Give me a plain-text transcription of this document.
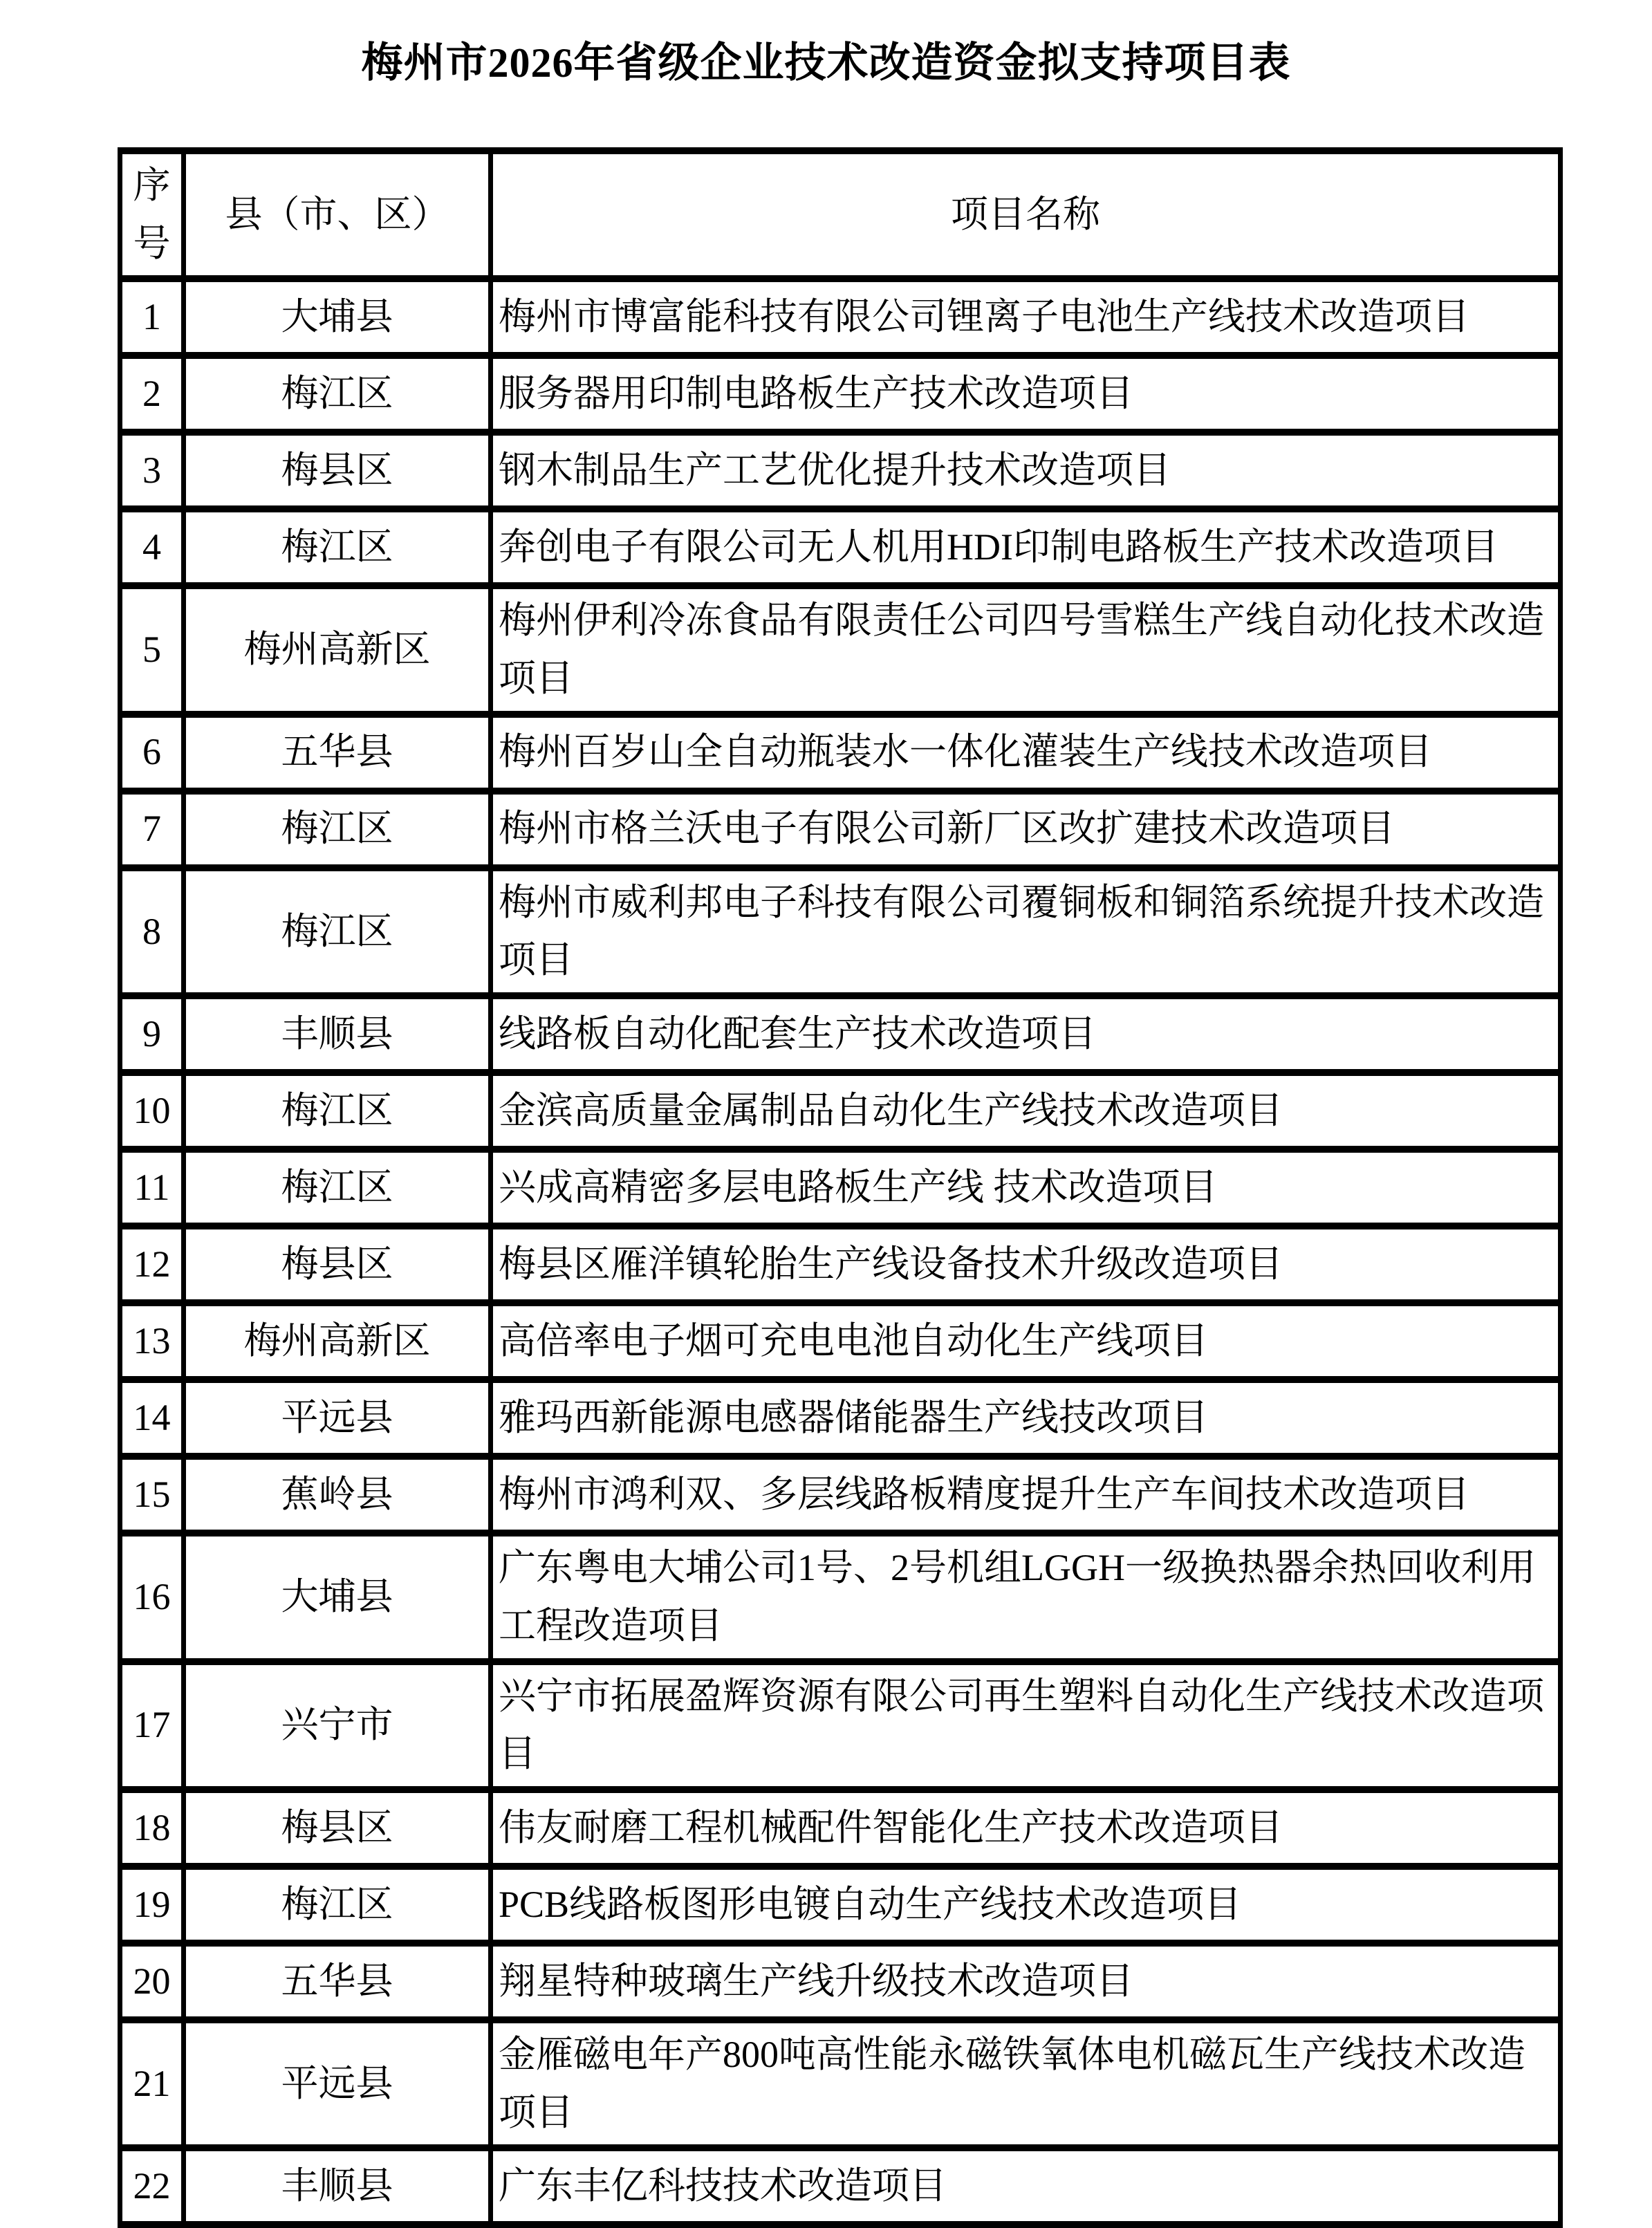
梅州市2026年省级企业技术改造资金拟支持项目表
序号	县（市、区）	项目名称
1	大埔县	梅州市博富能科技有限公司锂离子电池生产线技术改造项目
2	梅江区	服务器用印制电路板生产技术改造项目
3	梅县区	钢木制品生产工艺优化提升技术改造项目
4	梅江区	奔创电子有限公司无人机用HDI印制电路板生产技术改造项目
5	梅州高新区	梅州伊利冷冻食品有限责任公司四号雪糕生产线自动化技术改造项目
6	五华县	梅州百岁山全自动瓶装水一体化灌装生产线技术改造项目
7	梅江区	梅州市格兰沃电子有限公司新厂区改扩建技术改造项目
8	梅江区	梅州市威利邦电子科技有限公司覆铜板和铜箔系统提升技术改造项目
9	丰顺县	线路板自动化配套生产技术改造项目
10	梅江区	金滨高质量金属制品自动化生产线技术改造项目
11	梅江区	兴成高精密多层电路板生产线 技术改造项目
12	梅县区	梅县区雁洋镇轮胎生产线设备技术升级改造项目
13	梅州高新区	高倍率电子烟可充电电池自动化生产线项目
14	平远县	雅玛西新能源电感器储能器生产线技改项目
15	蕉岭县	梅州市鸿利双、多层线路板精度提升生产车间技术改造项目
16	大埔县	广东粤电大埔公司1号、2号机组LGGH一级换热器余热回收利用工程改造项目
17	兴宁市	兴宁市拓展盈辉资源有限公司再生塑料自动化生产线技术改造项目
18	梅县区	伟友耐磨工程机械配件智能化生产技术改造项目
19	梅江区	PCB线路板图形电镀自动生产线技术改造项目
20	五华县	翔星特种玻璃生产线升级技术改造项目
21	平远县	金雁磁电年产800吨高性能永磁铁氧体电机磁瓦生产线技术改造项目
22	丰顺县	广东丰亿科技技术改造项目
